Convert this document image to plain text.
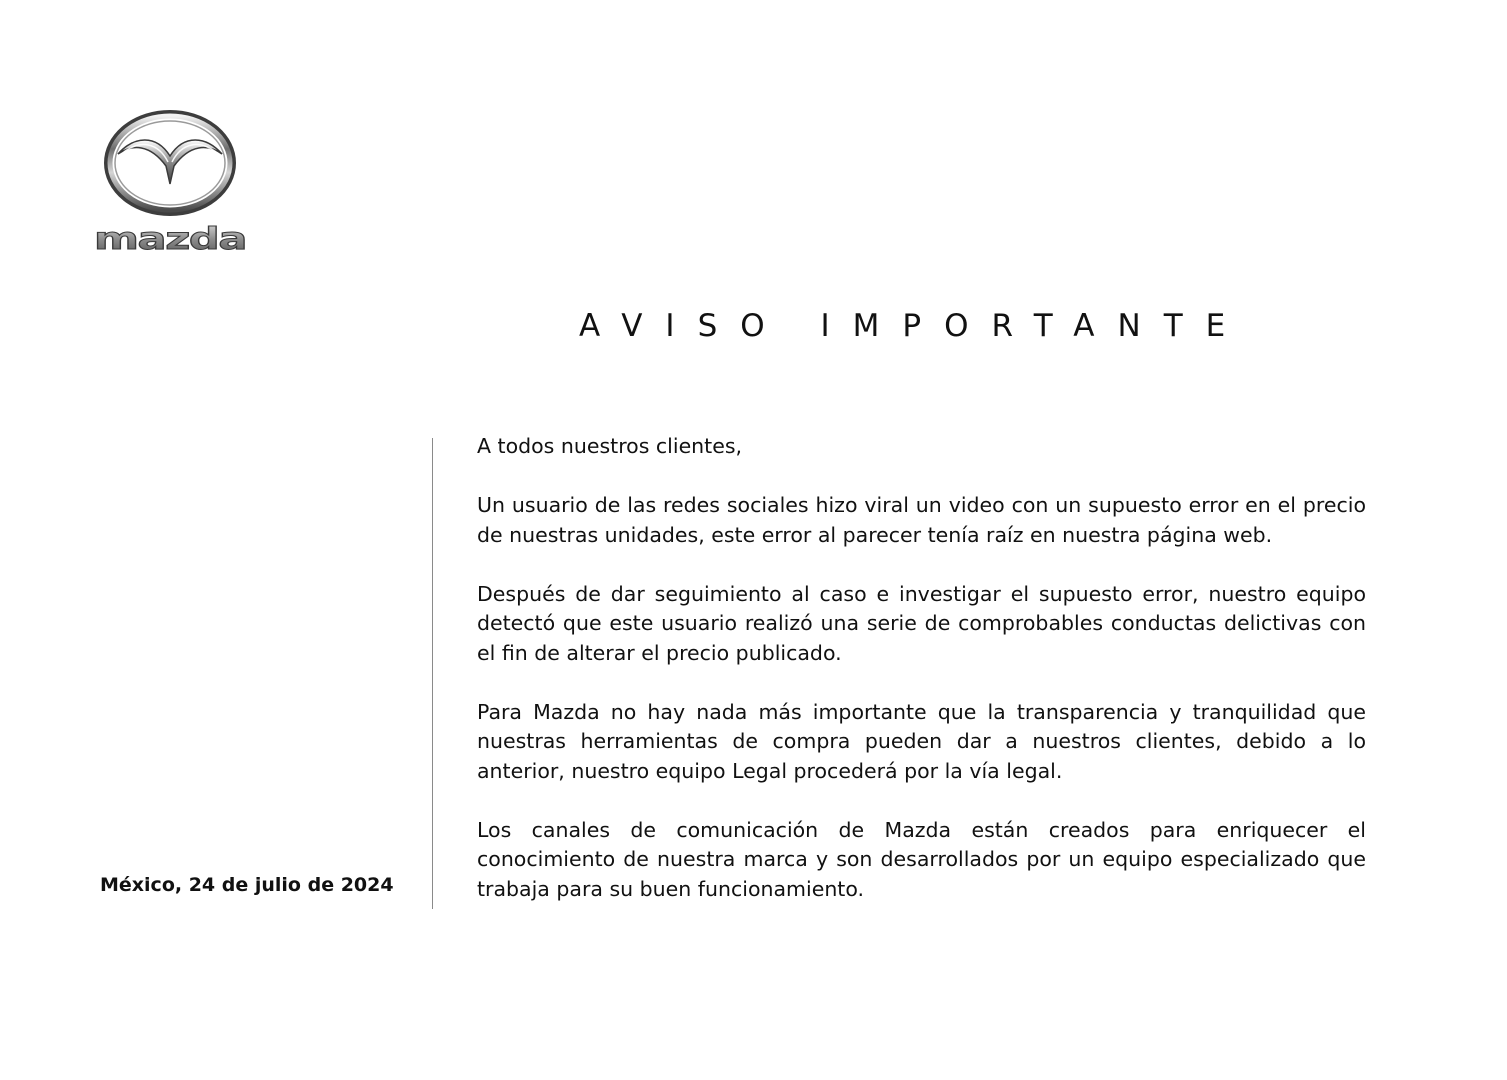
mazda
AVISO IMPORTANTE
México, 24 de julio de 2024

A todos nuestros clientes,

Un usuario de las redes sociales hizo viral un video con un supuesto error en el precio de nuestras unidades, este error al parecer tenía raíz en nuestra página web.

Después de dar seguimiento al caso e investigar el supuesto error, nuestro equipo detectó que este usuario realizó una serie de comprobables conductas delictivas con el fin de alterar el precio publicado.

Para Mazda no hay nada más importante que la transparencia y tranquilidad que nuestras herramientas de compra pueden dar a nuestros clientes, debido a lo anterior, nuestro equipo Legal procederá por la vía legal.

Los canales de comunicación de Mazda están creados para enriquecer el conocimiento de nuestra marca y son desarrollados por un equipo especializado que trabaja para su buen funcionamiento.
